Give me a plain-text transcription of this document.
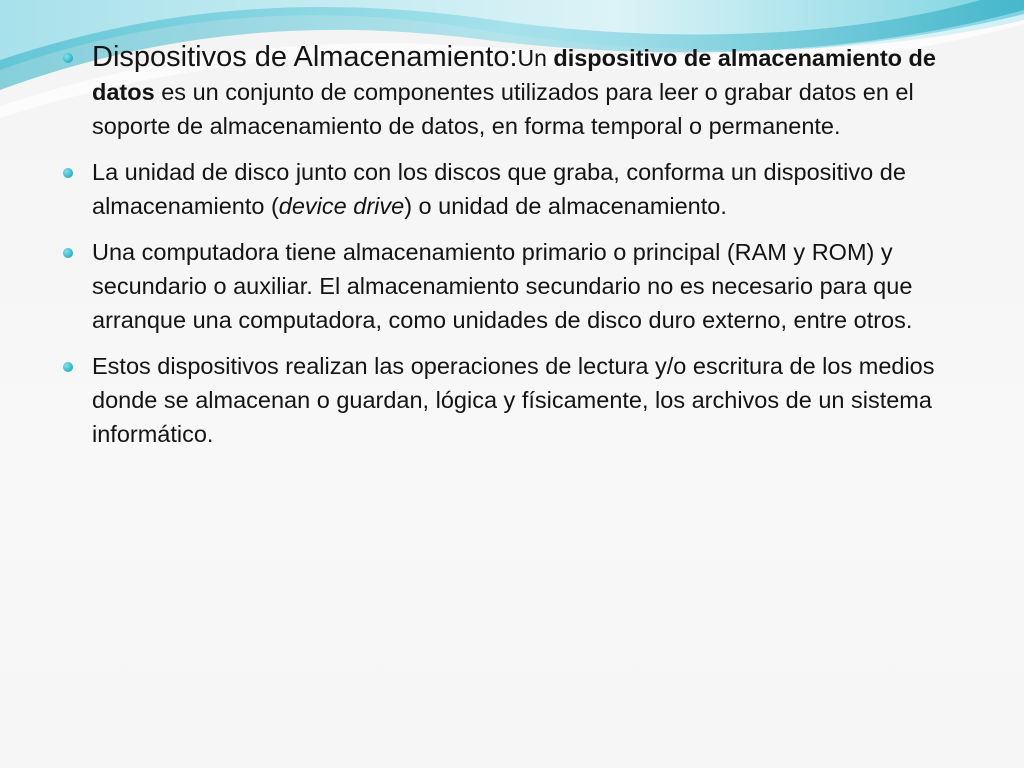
Dispositivos de Almacenamiento:Un dispositivo de almacenamiento de datos es un conjunto de componentes utilizados para leer o grabar datos en el soporte de almacenamiento de datos, en forma temporal o permanente.
La unidad de disco junto con los discos que graba, conforma un dispositivo de almacenamiento (device drive) o unidad de almacenamiento.
Una computadora tiene almacenamiento primario o principal (RAM y ROM) y secundario o auxiliar. El almacenamiento secundario no es necesario para que arranque una computadora, como unidades de disco duro externo, entre otros.
Estos dispositivos realizan las operaciones de lectura y/o escritura de los medios donde se almacenan o guardan, lógica y físicamente, los archivos de un sistema informático.
